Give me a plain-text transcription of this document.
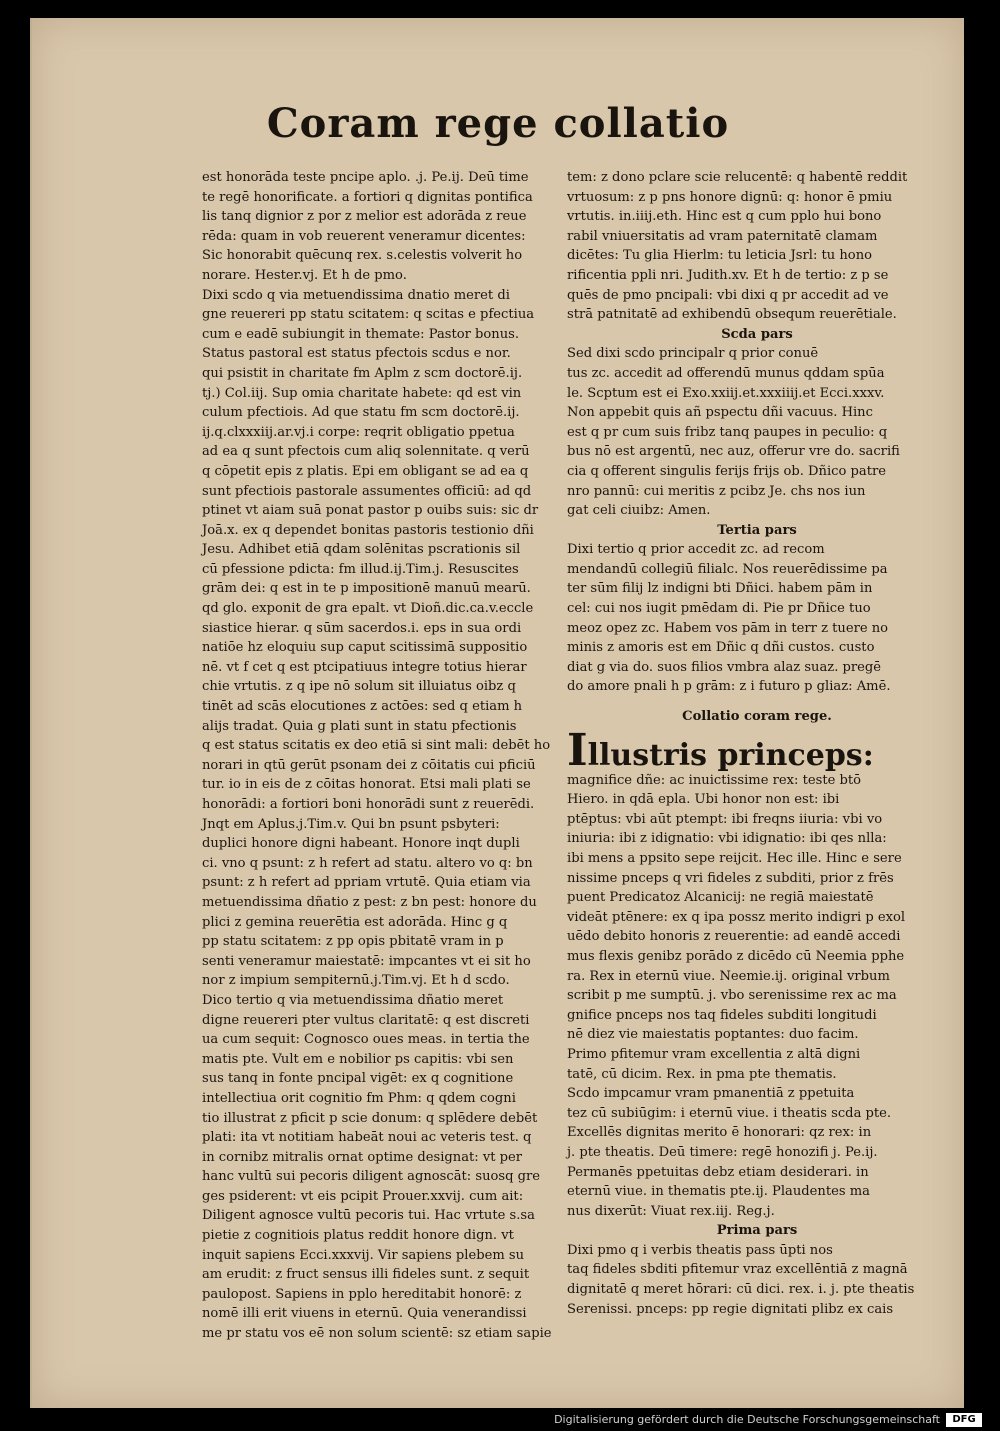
Coram rege collatio
est honorāda teste pncipe aplo. .j. Pe.ij. Deū time
te regē honorificate. a fortiori q dignitas pontifica
lis tanq dignior z por z melior est adorāda z reue
rēda: quam in vob reuerent veneramur dicentes:
Sic honorabit quēcunq rex. s.celestis volverit ho
norare. Hester.vj. Et h de pmo.
Dixi scdo q via metuendissima dnatio meret di
gne reuereri pp statu scitatem: q scitas e pfectiua
cum e eadē subiungit in themate: Pastor bonus.
Status pastoral est status pfectois scdus e nor.
qui psistit in charitate fm Aplm z scm doctorē.ij.
tj.) Col.iij. Sup omia charitate habete: qd est vin
culum pfectiois. Ad que statu fm scm doctorē.ij.
ij.q.clxxxiij.ar.vj.i corpe: reqrit obligatio ppetua
ad ea q sunt pfectois cum aliq solennitate. q verū
q cōpetit epis z platis. Epi em obligant se ad ea q
sunt pfectiois pastorale assumentes officiū: ad qd
ptinet vt aiam suā ponat pastor p ouibs suis: sic dr
Joā.x. ex q dependet bonitas pastoris testionio dñi
Jesu. Adhibet etiā qdam solēnitas pscrationis sil
cū pfessione pdicta: fm illud.ij.Tim.j. Resuscites
grām dei: q est in te p impositionē manuū mearū.
qd glo. exponit de gra epalt. vt Dioñ.dic.ca.v.eccle
siastice hierar. q sūm sacerdos.i. eps in sua ordi
natiōe hz eloquiu sup caput scitissimā suppositio
nē. vt f cet q est ptcipatiuus integre totius hierar
chie vrtutis. z q ipe nō solum sit illuiatus oibz q
tinēt ad scās elocutiones z actōes: sed q etiam h
alijs tradat. Quia g plati sunt in statu pfectionis
q est status scitatis ex deo etiā si sint mali: debēt ho
norari in qtū gerūt psonam dei z cōitatis cui pficiū
tur. io in eis de z cōitas honorat. Etsi mali plati se
honorādi: a fortiori boni honorādi sunt z reuerēdi.
Jnqt em Aplus.j.Tim.v. Qui bn psunt psbyteri:
duplici honore digni habeant. Honore inqt dupli
ci. vno q psunt: z h refert ad statu. altero vo q: bn
psunt: z h refert ad ppriam vrtutē. Quia etiam via
metuendissima dñatio z pest: z bn pest: honore du
plici z gemina reuerētia est adorāda. Hinc g q
pp statu scitatem: z pp opis pbitatē vram in p
senti veneramur maiestatē: impcantes vt ei sit ho
nor z impium sempiternū.j.Tim.vj. Et h d scdo.
Dico tertio q via metuendissima dñatio meret
digne reuereri pter vultus claritatē: q est discreti
ua cum sequit: Cognosco oues meas. in tertia the
matis pte. Vult em e nobilior ps capitis: vbi sen
sus tanq in fonte pncipal vigēt: ex q cognitione
intellectiua orit cognitio fm Phm: q qdem cogni
tio illustrat z pficit p scie donum: q splēdere debēt
plati: ita vt notitiam habeāt noui ac veteris test. q
in cornibz mitralis ornat optime designat: vt per
hanc vultū sui pecoris diligent agnoscāt: suosq gre
ges psiderent: vt eis pcipit Prouer.xxvij. cum ait:
Diligent agnosce vultū pecoris tui. Hac vrtute s.sa
pietie z cognitiois platus reddit honore dign. vt
inquit sapiens Ecci.xxxvij. Vir sapiens plebem su
am erudit: z fruct sensus illi fideles sunt. z sequit
paulopost. Sapiens in pplo hereditabit honorē: z
nomē illi erit viuens in eternū. Quia venerandissi
me pr statu vos eē non solum scientē: sz etiam sapie
tem: z dono pclare scie relucentē: q habentē reddit
vrtuosum: z p pns honore dignū: q: honor ē pmiu
vrtutis. in.iiij.eth. Hinc est q cum pplo hui bono
rabil vniuersitatis ad vram paternitatē clamam
dicētes: Tu glia Hierlm: tu leticia Jsrl: tu hono
rificentia ppli nri. Judith.xv. Et h de tertio: z p se
quēs de pmo pncipali: vbi dixi q pr accedit ad ve
strā patnitatē ad exhibendū obsequm reuerētiale.
Scda pars
Sed dixi scdo principalr q prior conuē
tus zc. accedit ad offerendū munus qddam spūa
le. Scptum est ei Exo.xxiij.et.xxxiiij.et Ecci.xxxv.
Non appebit quis añ pspectu dñi vacuus. Hinc
est q pr cum suis fribz tanq paupes in peculio: q
bus nō est argentū, nec auz, offerur vre do. sacrifi
cia q offerent singulis ferijs frijs ob. Dñico patre
nro pannū: cui meritis z pcibz Je. chs nos iun
gat celi ciuibz: Amen.
Tertia pars
Dixi tertio q prior accedit zc. ad recom
mendandū collegiū filialc. Nos reuerēdissime pa
ter sūm filij lz indigni bti Dñici. habem pām in
cel: cui nos iugit pmēdam di. Pie pr Dñice tuo
meoz opez zc. Habem vos pām in terr z tuere no
minis z amoris est em Dñic q dñi custos. custo
diat g via do. suos filios vmbra alaz suaz. pregē
do amore pnali h p grām: z i futuro p gliaz: Amē.
Collatio coram rege.
Illustris princeps:
magnifice dñe: ac inuictissime rex: teste btō
Hiero. in qdā epla. Ubi honor non est: ibi
ptēptus: vbi aūt ptempt: ibi freqns iiuria: vbi vo
iniuria: ibi z idignatio: vbi idignatio: ibi qes nlla:
ibi mens a ppsito sepe reijcit. Hec ille. Hinc e sere
nissime pnceps q vri fideles z subditi, prior z frēs
puent Predicatoz Alcanicij: ne regiā maiestatē
videāt ptēnere: ex q ipa possz merito indigri p exol
uēdo debito honoris z reuerentie: ad eandē accedi
mus flexis genibz porādo z dicēdo cū Neemia pphe
ra. Rex in eternū viue. Neemie.ij. original vrbum
scribit p me sumptū. j. vbo serenissime rex ac ma
gnifice pnceps nos taq fideles subditi longitudi
nē diez vie maiestatis poptantes: duo facim.
Primo pfitemur vram excellentia z altā digni
tatē, cū dicim. Rex. in pma pte thematis.
Scdo impcamur vram pmanentiā z ppetuita
tez cū subiūgim: i eternū viue. i theatis scda pte.
Excellēs dignitas merito ē honorari: qz rex: in
j. pte theatis. Deū timere: regē honozifi j. Pe.ij.
Permanēs ppetuitas debz etiam desiderari. in
eternū viue. in thematis pte.ij. Plaudentes ma
nus dixerūt: Viuat rex.iij. Reg.j.
Prima pars
Dixi pmo q i verbis theatis pass ūpti nos
taq fideles sbditi pfitemur vraz excellēntiā z magnā
dignitatē q meret hōrari: cū dici. rex. i. j. pte theatis
Serenissi. pnceps: pp regie dignitati plibz ex cais
Digitalisierung gefördert durch die Deutsche Forschungsgemeinschaft	DFG
